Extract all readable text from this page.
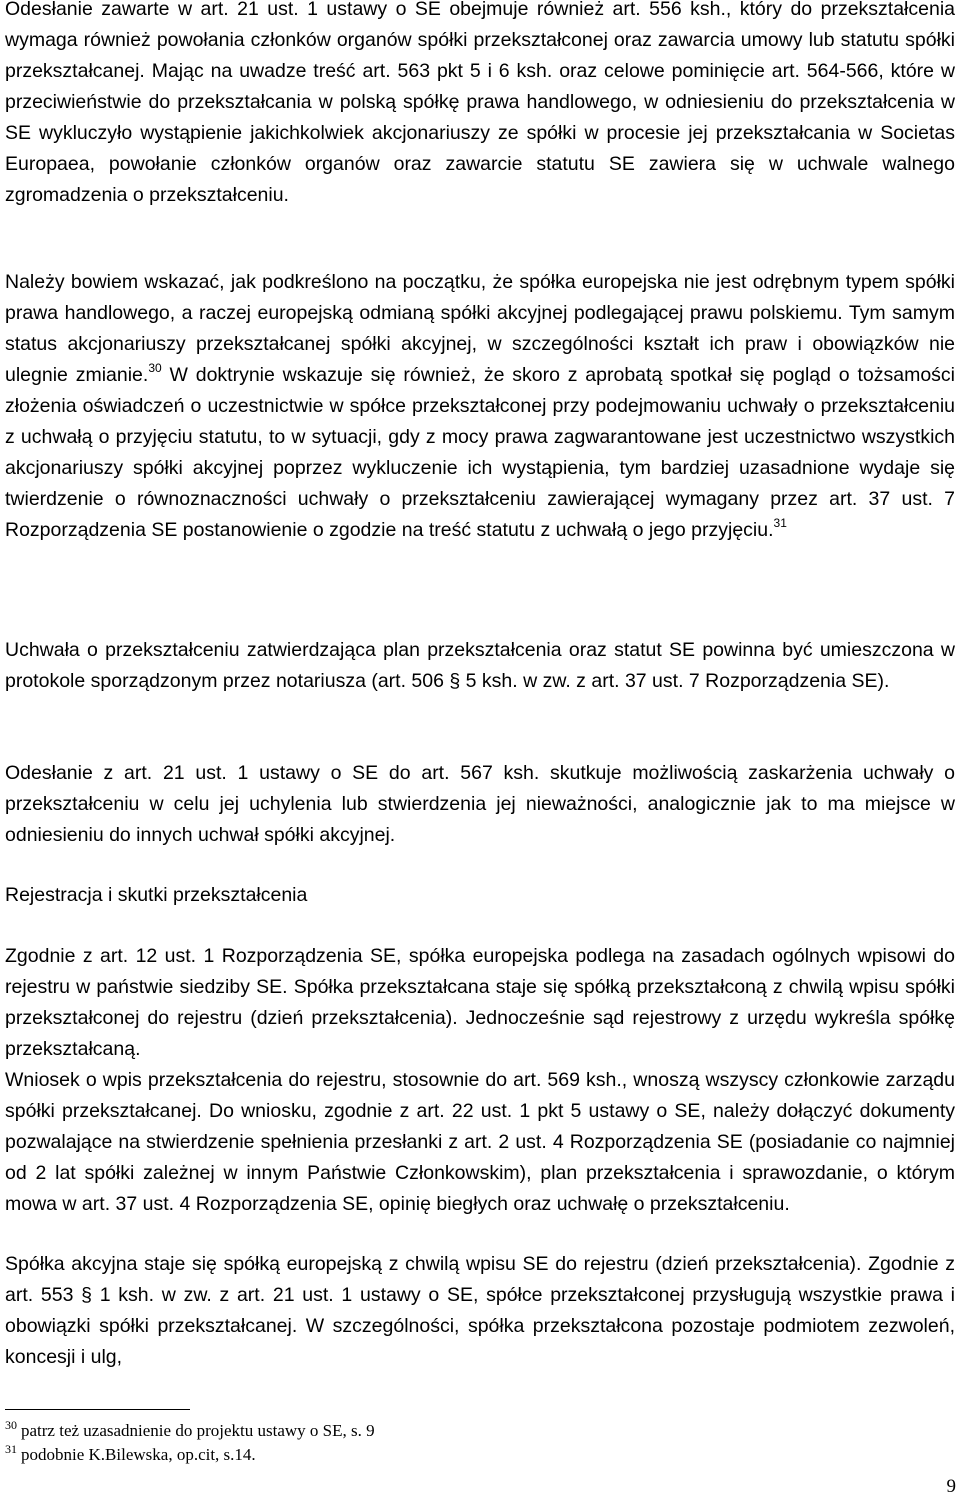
Odesłanie zawarte w art. 21 ust. 1 ustawy o SE obejmuje również art. 556 ksh., który do przekształcenia wymaga również powołania członków organów spółki przekształconej oraz zawarcia umowy lub statutu spółki przekształcanej. Mając na uwadze treść art. 563 pkt 5 i 6 ksh. oraz celowe pominięcie art. 564-566, które w przeciwieństwie do przekształcania w polską spółkę prawa handlowego, w odniesieniu do przekształcenia w SE wykluczyło wystąpienie jakichkolwiek akcjonariuszy ze spółki w procesie jej przekształcania w Societas Europaea, powołanie członków organów oraz zawarcie statutu SE zawiera się w uchwale walnego zgromadzenia o przekształceniu.

Należy bowiem wskazać, jak podkreślono na początku, że spółka europejska nie jest odrębnym typem spółki prawa handlowego, a raczej europejską odmianą spółki akcyjnej podlegającej prawu polskiemu. Tym samym status akcjonariuszy przekształcanej spółki akcyjnej, w szczególności kształt ich praw i obowiązków nie ulegnie zmianie.$^{30}$ W doktrynie wskazuje się również, że skoro z aprobatą spotkał się pogląd o tożsamości złożenia oświadczeń o uczestnictwie w spółce przekształconej przy podejmowaniu uchwały o przekształceniu z uchwałą o przyjęciu statutu, to w sytuacji, gdy z mocy prawa zagwarantowane jest uczestnictwo wszystkich akcjonariuszy spółki akcyjnej poprzez wykluczenie ich wystąpienia, tym bardziej uzasadnione wydaje się twierdzenie o równoznaczności uchwały o przekształceniu zawierającej wymagany przez art. 37 ust. 7 Rozporządzenia SE postanowienie o zgodzie na treść statutu z uchwałą o jego przyjęciu.$^{31}$

Uchwała o przekształceniu zatwierdzająca plan przekształcenia oraz statut SE powinna być umieszczona w protokole sporządzonym przez notariusza (art. 506 § 5 ksh. w zw. z art. 37 ust. 7 Rozporządzenia SE).

Odesłanie z art. 21 ust. 1 ustawy o SE do art. 567 ksh. skutkuje możliwością zaskarżenia uchwały o przekształceniu w celu jej uchylenia lub stwierdzenia jej nieważności, analogicznie jak to ma miejsce w odniesieniu do innych uchwał spółki akcyjnej.

Rejestracja i skutki przekształcenia

Zgodnie z art. 12 ust. 1 Rozporządzenia SE, spółka europejska podlega na zasadach ogólnych wpisowi do rejestru w państwie siedziby SE. Spółka przekształcana staje się spółką przekształconą z chwilą wpisu spółki przekształconej do rejestru (dzień przekształcenia). Jednocześnie sąd rejestrowy z urzędu wykreśla spółkę przekształcaną.

Wniosek o wpis przekształcenia do rejestru, stosownie do art. 569 ksh., wnoszą wszyscy członkowie zarządu spółki przekształcanej. Do wniosku, zgodnie z art. 22 ust. 1 pkt 5 ustawy o SE, należy dołączyć dokumenty pozwalające na stwierdzenie spełnienia przesłanki z art. 2 ust. 4 Rozporządzenia SE (posiadanie co najmniej od 2 lat spółki zależnej w innym Państwie Członkowskim), plan przekształcenia i sprawozdanie, o którym mowa w art. 37 ust. 4 Rozporządzenia SE, opinię biegłych oraz uchwałę o przekształceniu.

Spółka akcyjna staje się spółką europejską z chwilą wpisu SE do rejestru (dzień przekształcenia). Zgodnie z art. 553 § 1 ksh. w zw. z art. 21 ust. 1 ustawy o SE, spółce przekształconej przysługują wszystkie prawa i obowiązki spółki przekształcanej. W szczególności, spółka przekształcona pozostaje podmiotem zezwoleń, koncesji i ulg,

$^{30}$ patrz też uzasadnienie do projektu ustawy o SE, s. 9

$^{31}$ podobnie K.Bilewska, op.cit, s.14.

9
